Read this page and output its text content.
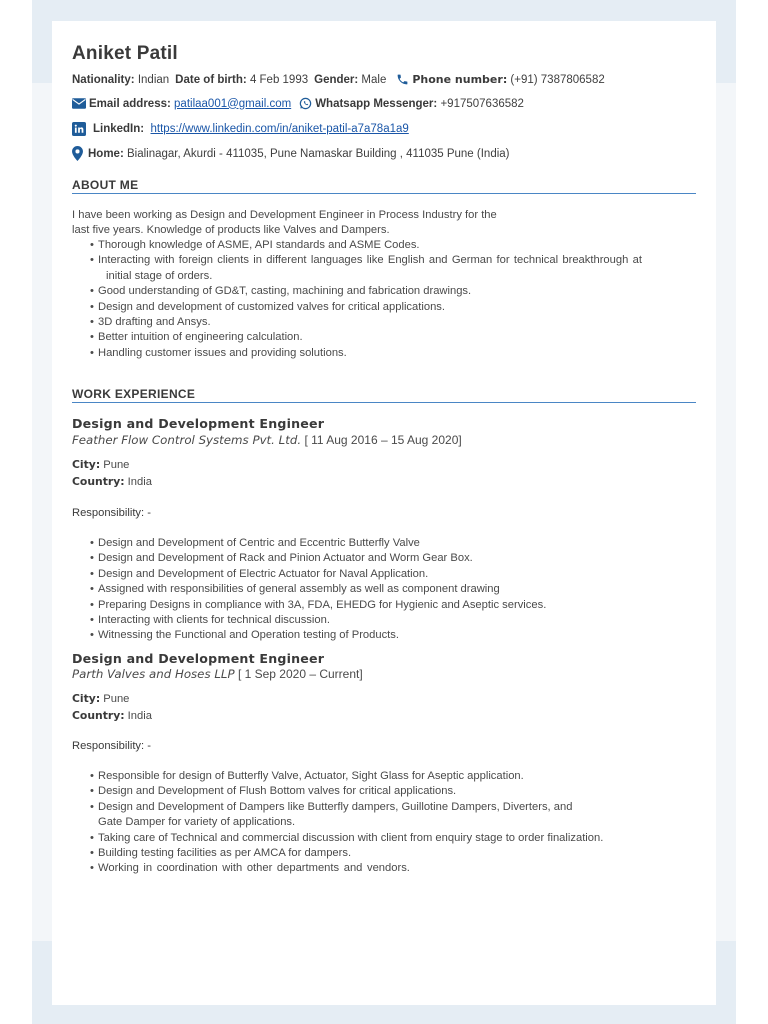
Aniket Patil
Nationality:
Indian Date of birth:
4 Feb 1993 Gender:
Male Phone number:
(+91) 7387806582
Email address:
patilaa001@gmail.com Whatsapp Messenger:
+917507636582
LinkedIn:
https://www.linkedin.com/in/aniket-patil-a7a78a1a9
Home:
Bialinagar, Akurdi - 411035, Pune Namaskar Building , 411035 Pune (India)
ABOUT ME
I have been working as Design and Development Engineer in Process Industry for the
last five years. Knowledge of products like Valves and Dampers.
• Thorough knowledge of ASME, API standards and ASME Codes.
• Interacting with foreign clients in different languages like English and German for technical breakthrough at
initial stage of orders.
• Good understanding of GD&T, casting, machining and fabrication drawings.
• Design and development of customized valves for critical applications.
• 3D drafting and Ansys.
• Better intuition of engineering calculation.
• Handling customer issues and providing solutions.
WORK EXPERIENCE
Design and Development Engineer
Feather Flow Control Systems Pvt. Ltd. [ 11 Aug 2016 – 15 Aug 2020]
City: Pune
Country: India
Responsibility: -
• Design and Development of Centric and Eccentric Butterfly Valve
• Design and Development of Rack and Pinion Actuator and Worm Gear Box.
• Design and Development of Electric Actuator for Naval Application.
• Assigned with responsibilities of general assembly as well as component drawing
• Preparing Designs in compliance with 3A, FDA, EHEDG for Hygienic and Aseptic services.
• Interacting with clients for technical discussion.
• Witnessing the Functional and Operation testing of Products.
Design and Development Engineer
Parth Valves and Hoses LLP [ 1 Sep 2020 – Current]
City: Pune
Country: India
Responsibility: -
• Responsible for design of Butterfly Valve, Actuator, Sight Glass for Aseptic application.
• Design and Development of Flush Bottom valves for critical applications.
• Design and Development of Dampers like Butterfly dampers, Guillotine Dampers, Diverters, and
Gate Damper for variety of applications.
• Taking care of Technical and commercial discussion with client from enquiry stage to order finalization.
• Building testing facilities as per AMCA for dampers.
• Working in coordination with other departments and vendors.
